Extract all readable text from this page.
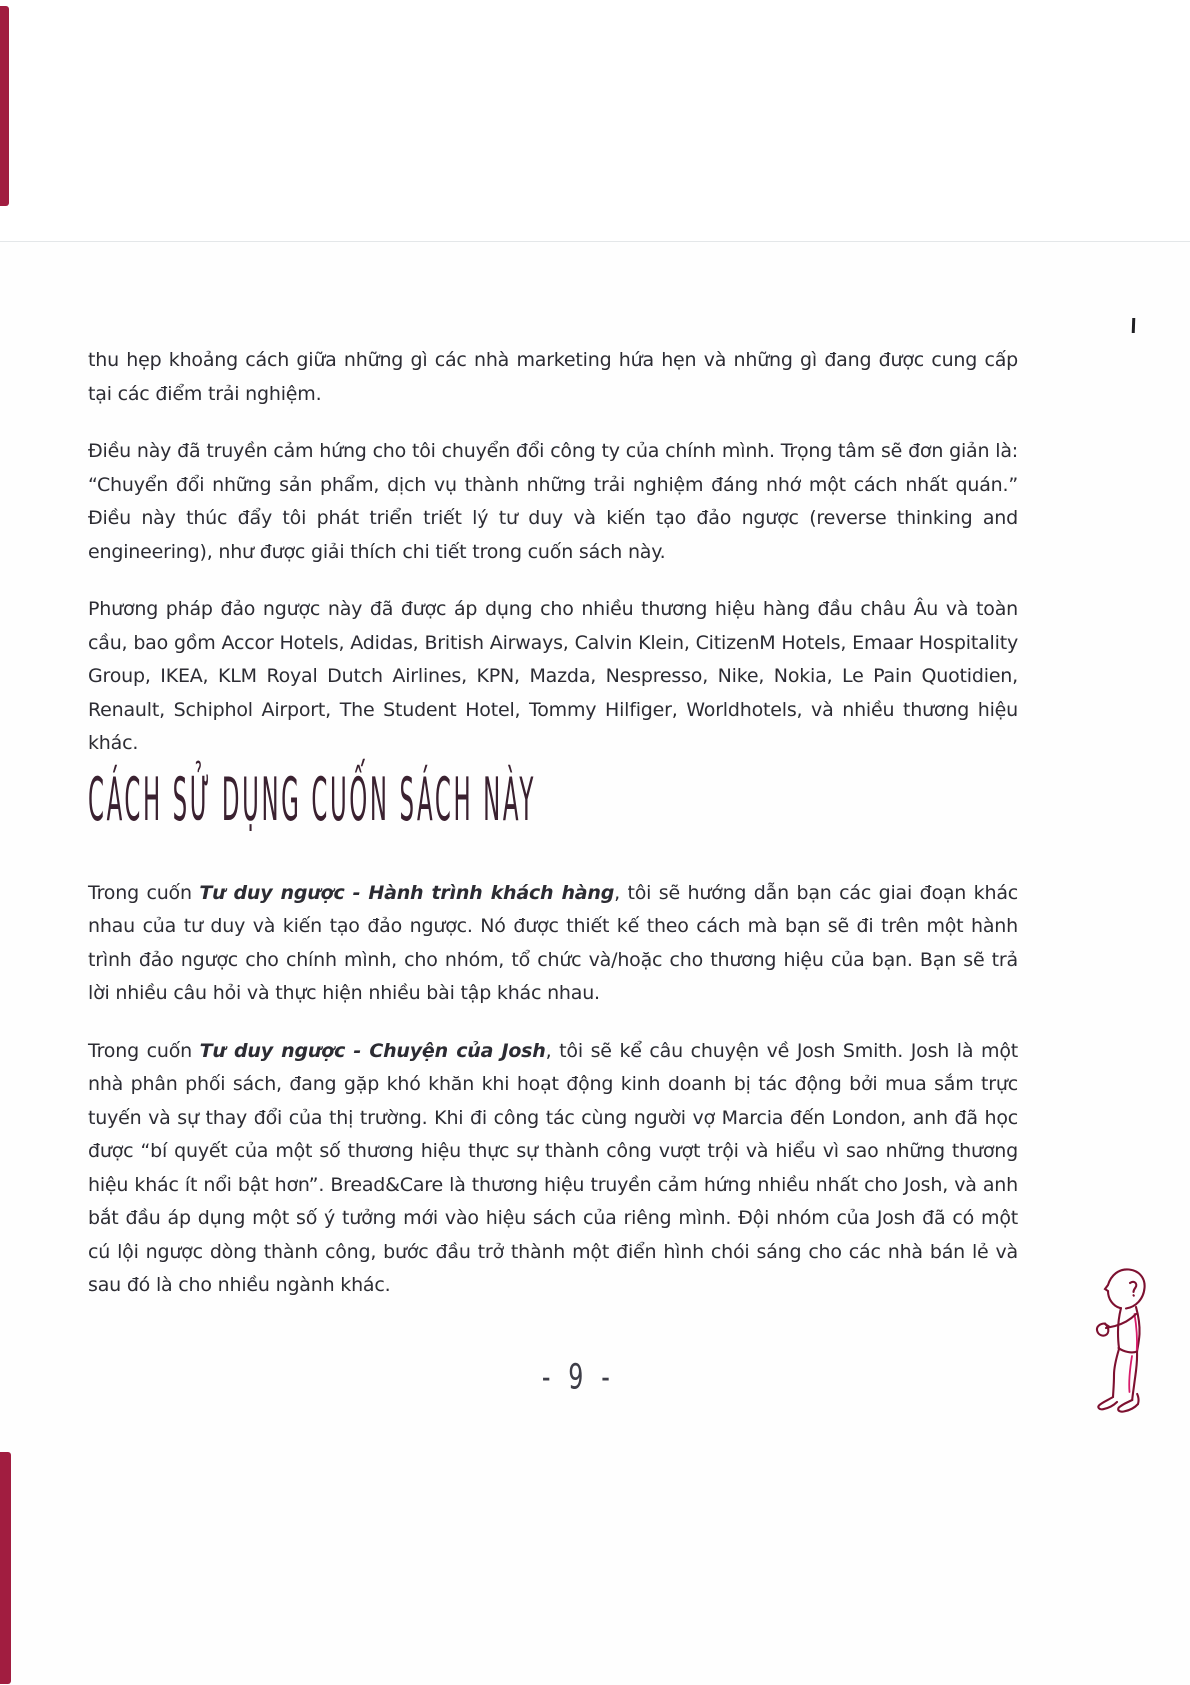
thu hẹp khoảng cách giữa những gì các nhà marketing hứa hẹn và những gì đang được cung cấp tại các điểm trải nghiệm.

Điều này đã truyền cảm hứng cho tôi chuyển đổi công ty của chính mình. Trọng tâm sẽ đơn giản là: “Chuyển đổi những sản phẩm, dịch vụ thành những trải nghiệm đáng nhớ một cách nhất quán.” Điều này thúc đẩy tôi phát triển triết lý tư duy và kiến tạo đảo ngược (reverse thinking and engineering), như được giải thích chi tiết trong cuốn sách này.

Phương pháp đảo ngược này đã được áp dụng cho nhiều thương hiệu hàng đầu châu Âu và toàn cầu, bao gồm Accor Hotels, Adidas, British Airways, Calvin Klein, CitizenM Hotels, Emaar Hospitality Group, IKEA, KLM Royal Dutch Airlines, KPN, Mazda, Nespresso, Nike, Nokia, Le Pain Quotidien, Renault, Schiphol Airport, The Student Hotel, Tommy Hilfiger, Worldhotels, và nhiều thương hiệu khác.

CÁCH SỬ DỤNG CUỐN SÁCH NÀY

Trong cuốn Tư duy ngược - Hành trình khách hàng, tôi sẽ hướng dẫn bạn các giai đoạn khác nhau của tư duy và kiến tạo đảo ngược. Nó được thiết kế theo cách mà bạn sẽ đi trên một hành trình đảo ngược cho chính mình, cho nhóm, tổ chức và/hoặc cho thương hiệu của bạn. Bạn sẽ trả lời nhiều câu hỏi và thực hiện nhiều bài tập khác nhau.

Trong cuốn Tư duy ngược - Chuyện của Josh, tôi sẽ kể câu chuyện về Josh Smith. Josh là một nhà phân phối sách, đang gặp khó khăn khi hoạt động kinh doanh bị tác động bởi mua sắm trực tuyến và sự thay đổi của thị trường. Khi đi công tác cùng người vợ Marcia đến London, anh đã học được “bí quyết của một số thương hiệu thực sự thành công vượt trội và hiểu vì sao những thương hiệu khác ít nổi bật hơn”. Bread&Care là thương hiệu truyền cảm hứng nhiều nhất cho Josh, và anh bắt đầu áp dụng một số ý tưởng mới vào hiệu sách của riêng mình. Đội nhóm của Josh đã có một cú lội ngược dòng thành công, bước đầu trở thành một điển hình chói sáng cho các nhà bán lẻ và sau đó là cho nhiều ngành khác.

- 9 -
